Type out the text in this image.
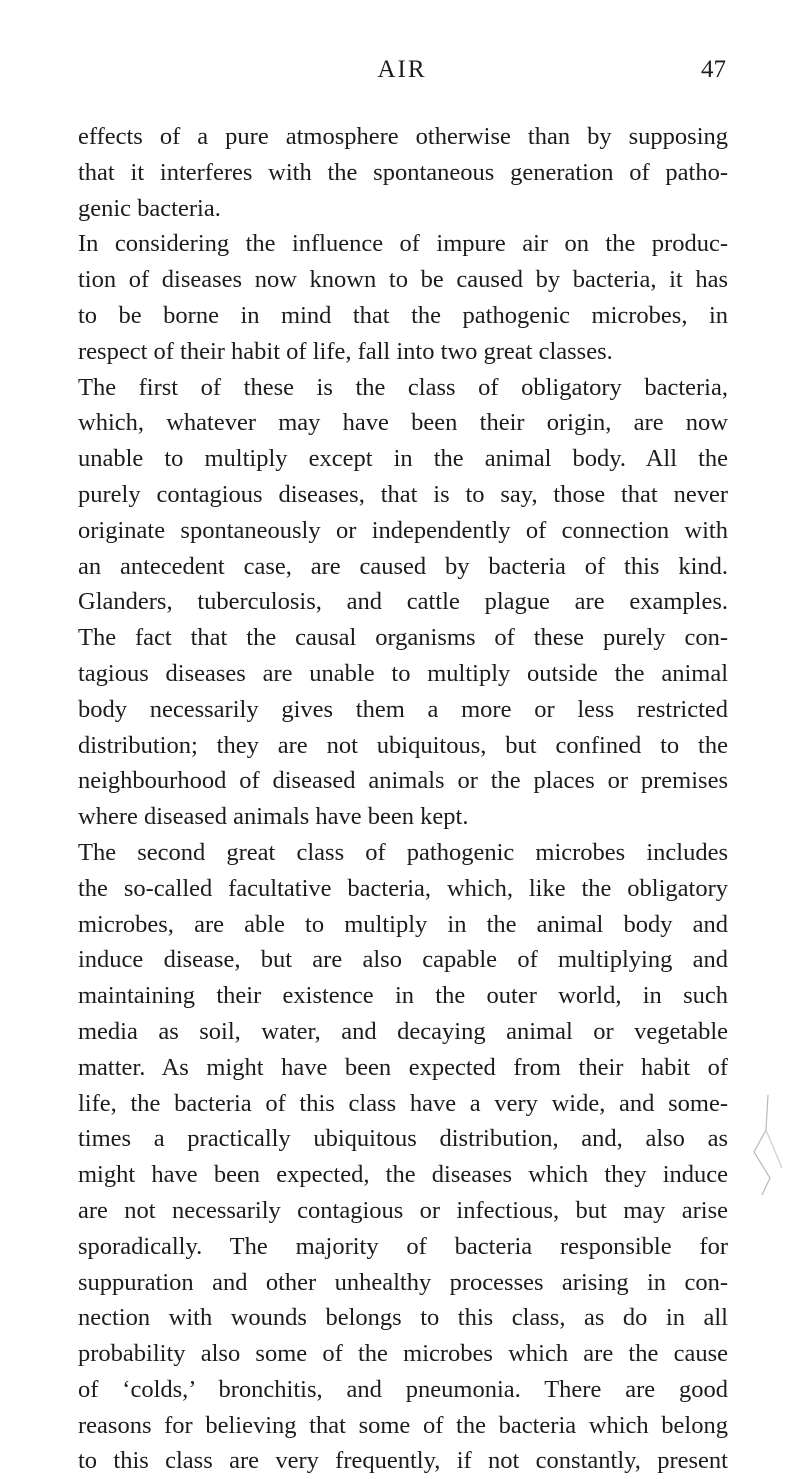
AIR	47
effects of a pure atmosphere otherwise than by supposing
that it interferes with the spontaneous generation of patho-
genic bacteria.
In considering the influence of impure air on the produc-
tion of diseases now known to be caused by bacteria, it has
to be borne in mind that the pathogenic microbes, in
respect of their habit of life, fall into two great classes.
The first of these is the class of obligatory bacteria,
which, whatever may have been their origin, are now
unable to multiply except in the animal body. All the
purely contagious diseases, that is to say, those that never
originate spontaneously or independently of connection with
an antecedent case, are caused by bacteria of this kind.
Glanders, tuberculosis, and cattle plague are examples.
The fact that the causal organisms of these purely con-
tagious diseases are unable to multiply outside the animal
body necessarily gives them a more or less restricted
distribution; they are not ubiquitous, but confined to the
neighbourhood of diseased animals or the places or premises
where diseased animals have been kept.
The second great class of pathogenic microbes includes
the so-called facultative bacteria, which, like the obligatory
microbes, are able to multiply in the animal body and
induce disease, but are also capable of multiplying and
maintaining their existence in the outer world, in such
media as soil, water, and decaying animal or vegetable
matter. As might have been expected from their habit of
life, the bacteria of this class have a very wide, and some-
times a practically ubiquitous distribution, and, also as
might have been expected, the diseases which they induce
are not necessarily contagious or infectious, but may arise
sporadically. The majority of bacteria responsible for
suppuration and other unhealthy processes arising in con-
nection with wounds belongs to this class, as do in all
probability also some of the microbes which are the cause
of ‘colds,’ bronchitis, and pneumonia. There are good
reasons for believing that some of the bacteria which belong
to this class are very frequently, if not constantly, present
